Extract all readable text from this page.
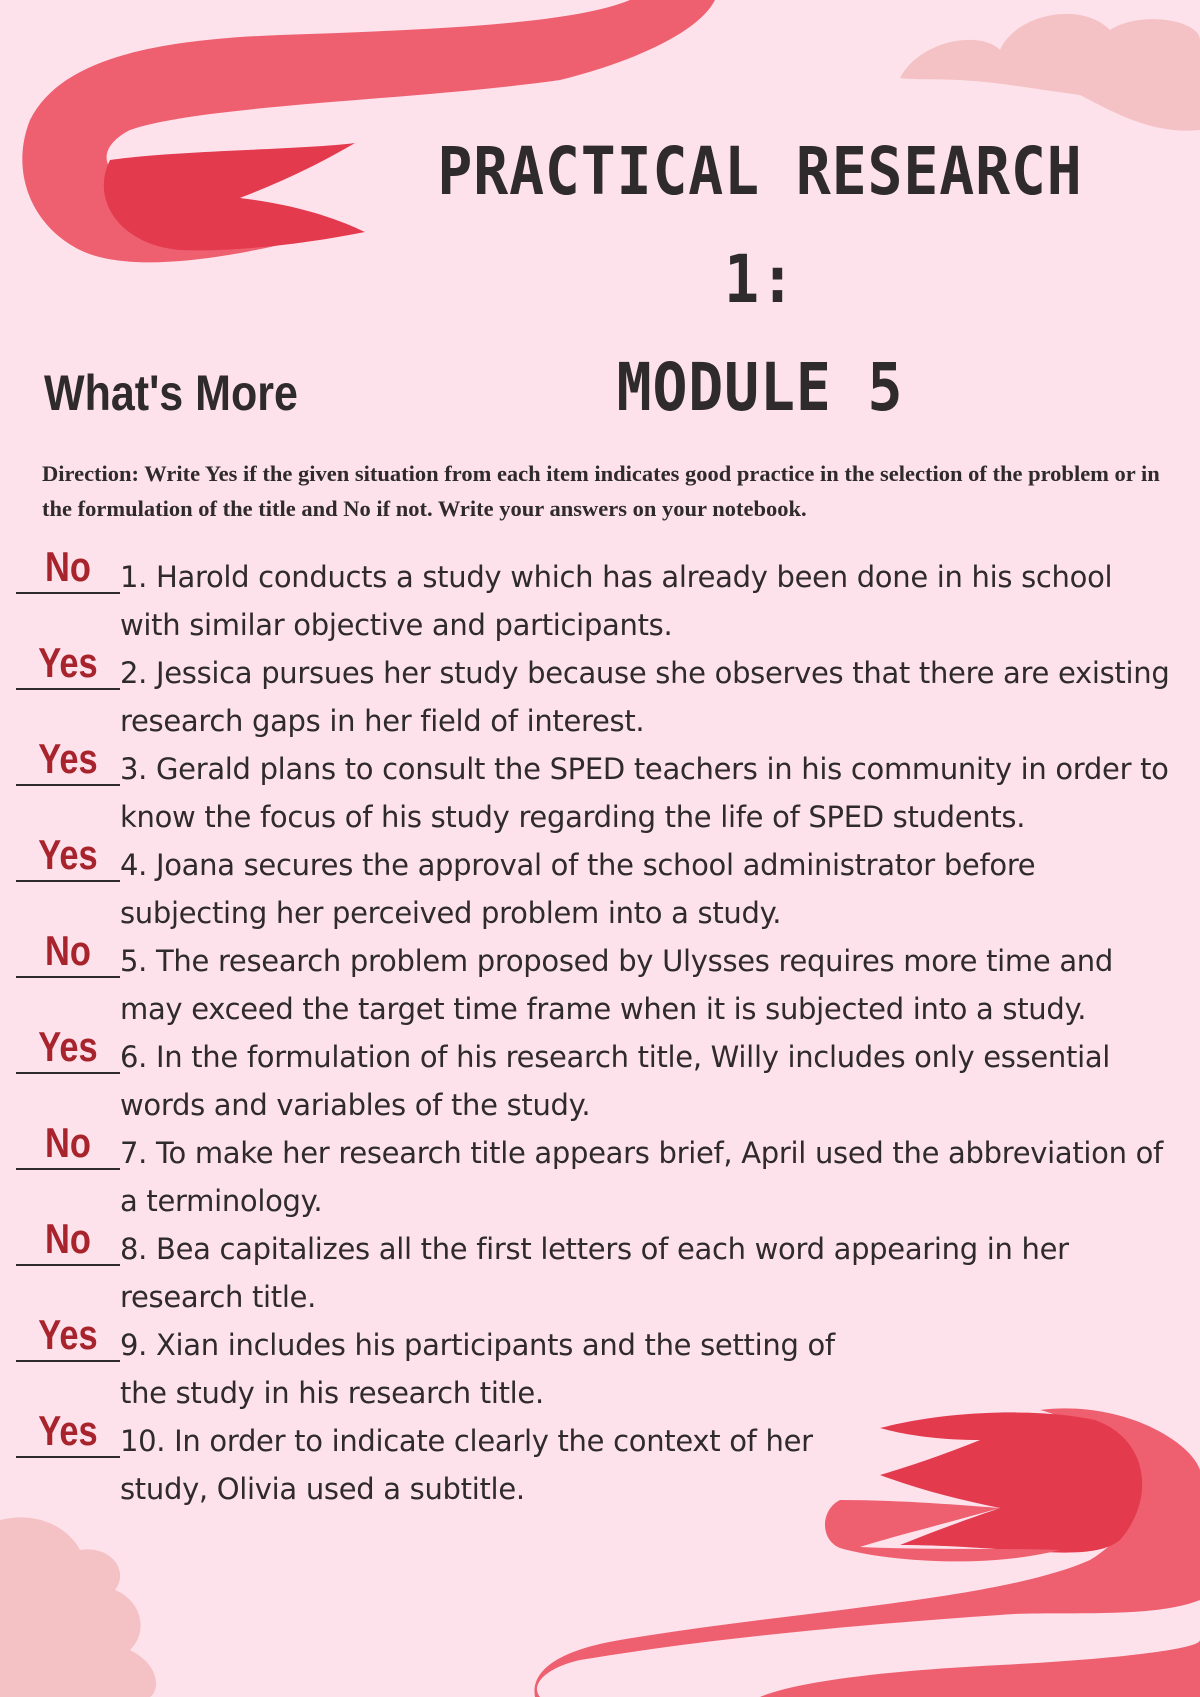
PRACTICAL RESEARCH 1:
MODULE 5
What's More
Direction: Write Yes if the given situation from each item indicates good practice in the selection of the problem or in the formulation of the title and No if not. Write your answers on your notebook.
No	1. Harold conducts a study which has already been done in his school with similar objective and participants.
Yes 2. Jessica pursues her study because she observes that there are existing research gaps in her field of interest.
Yes 3. Gerald plans to consult the SPED teachers in his community in order to know the focus of his study regarding the life of SPED students.
Yes 4. Joana secures the approval of the school administrator before subjecting her perceived problem into a study.
No	5. The research problem proposed by Ulysses requires more time and may exceed the target time frame when it is subjected into a study.
Yes 6. In the formulation of his research title, Willy includes only essential words and variables of the study.
No	7. To make her research title appears brief, April used the abbreviation of a terminology.
No	8. Bea capitalizes all the first letters of each word appearing in her research title.
Yes 9. Xian includes his participants and the setting of the study in his research title.
Yes 10. In order to indicate clearly the context of her study, Olivia used a subtitle.
